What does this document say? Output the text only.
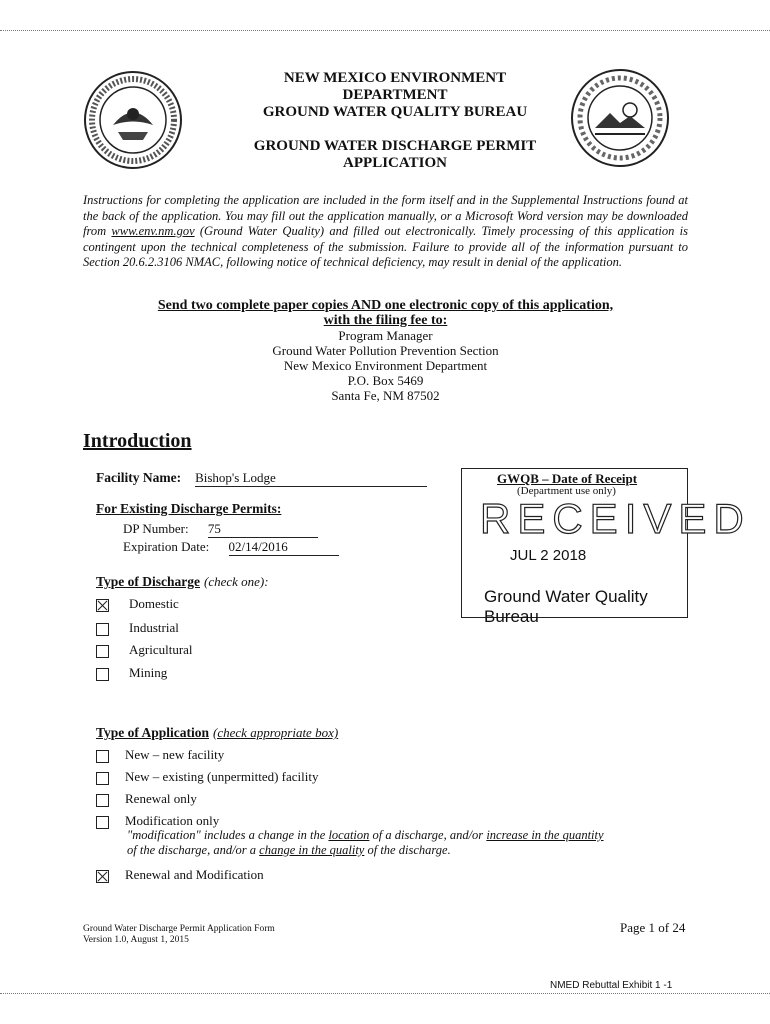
NEW MEXICO ENVIRONMENT
DEPARTMENT
GROUND WATER QUALITY BUREAU
GROUND WATER DISCHARGE PERMIT
APPLICATION
Instructions for completing the application are included in the form itself and in the Supplemental Instructions found at the back of the application. You may fill out the application manually, or a Microsoft Word version may be downloaded from www.env.nm.gov (Ground Water Quality) and filled out electronically. Timely processing of this application is contingent upon the technical completeness of the submission. Failure to provide all of the information pursuant to Section 20.6.2.3106 NMAC, following notice of technical deficiency, may result in denial of the application.
Send two complete paper copies AND one electronic copy of this application,
with the filing fee to:
Program Manager
Ground Water Pollution Prevention Section
New Mexico Environment Department
P.O. Box 5469
Santa Fe, NM 87502
Introduction
Facility Name: Bishop's Lodge
For Existing Discharge Permits:
DP Number: 75
Expiration Date: 02/14/2016
GWQB – Date of Receipt
(Department use only)
RECEIVED
JUL 2 2018
Ground Water Quality Bureau
Type of Discharge (check one):
Domestic
Industrial
Agricultural
Mining
Type of Application (check appropriate box)
New – new facility
New – existing (unpermitted) facility
Renewal only
Modification only
"modification" includes a change in the location of a discharge, and/or increase in the quantity
of the discharge, and/or a change in the quality of the discharge.
Renewal and Modification
Ground Water Discharge Permit Application Form
Version 1.0, August 1, 2015
Page 1 of 24
NMED Rebuttal Exhibit 1 -1
